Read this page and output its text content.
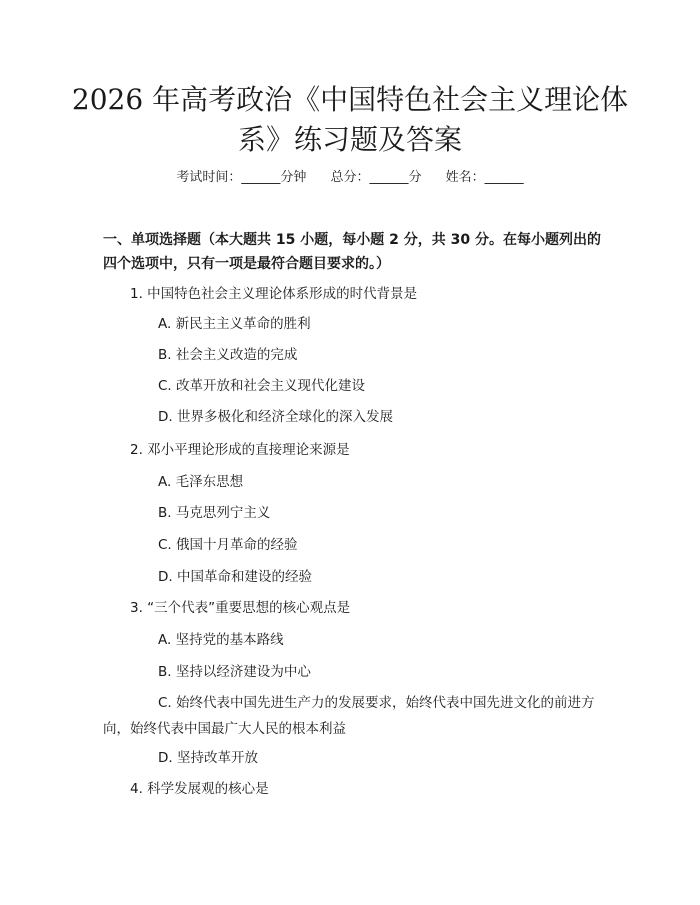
2026 年高考政治《中国特色社会主义理论体
系》练习题及答案
考试时间：______分钟 总分：______分 姓名：______
一、单项选择题（本大题共 15 小题，每小题 2 分，共 30 分。在每小题列出的四个选项中，只有一项是最符合题目要求的。）
1. 中国特色社会主义理论体系形成的时代背景是
A. 新民主主义革命的胜利
B. 社会主义改造的完成
C. 改革开放和社会主义现代化建设
D. 世界多极化和经济全球化的深入发展
2. 邓小平理论形成的直接理论来源是
A. 毛泽东思想
B. 马克思列宁主义
C. 俄国十月革命的经验
D. 中国革命和建设的经验
3. “三个代表”重要思想的核心观点是
A. 坚持党的基本路线
B. 坚持以经济建设为中心
C. 始终代表中国先进生产力的发展要求，始终代表中国先进文化的前进方向，始终代表中国最广大人民的根本利益
D. 坚持改革开放
4. 科学发展观的核心是
